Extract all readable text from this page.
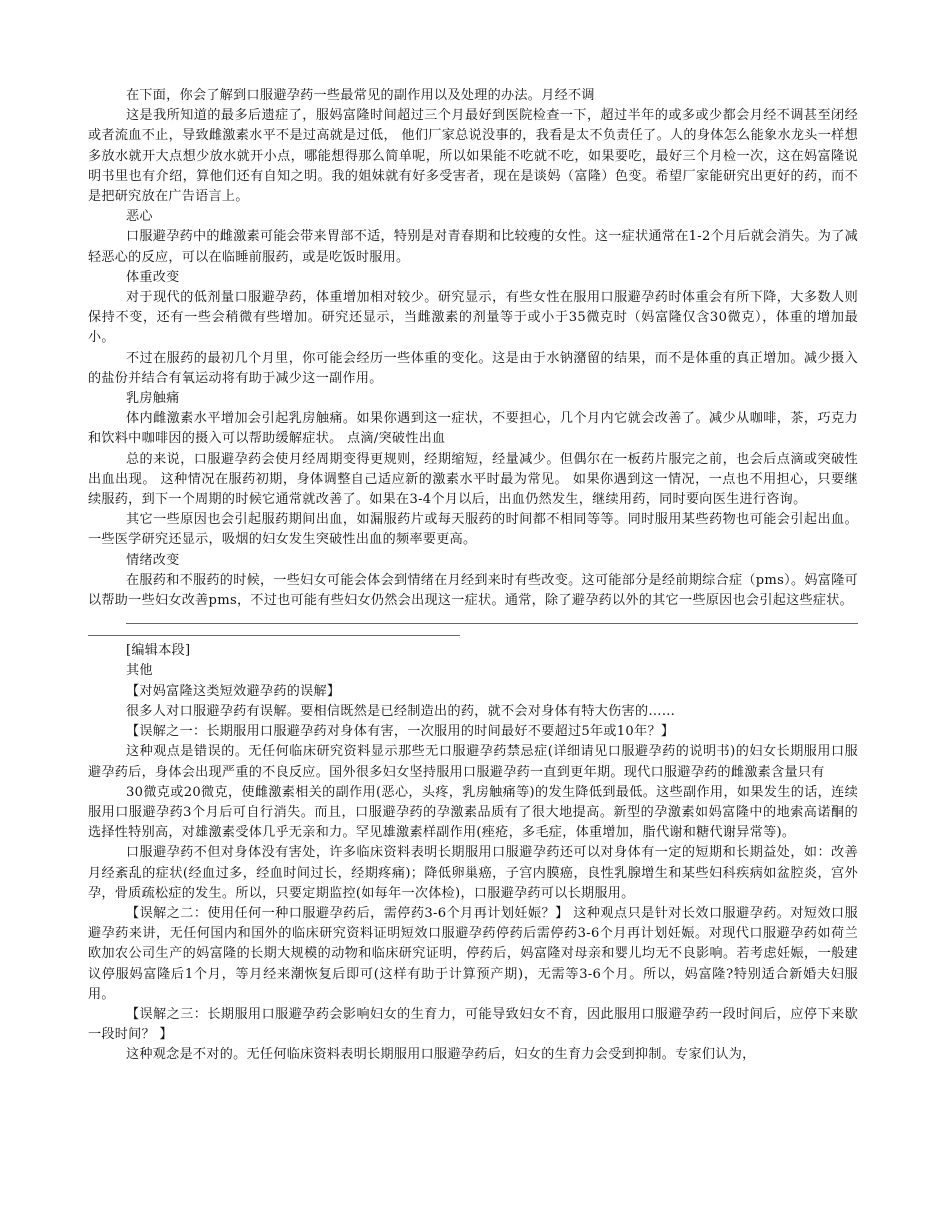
在下面，你会了解到口服避孕药一些最常见的副作用以及处理的办法。月经不调

这是我所知道的最多后遗症了，服妈富隆时间超过三个月最好到医院检查一下，超过半年的或多或少都会月经不调甚至闭经或者流血不止，导致雌激素水平不是过高就是过低， 他们厂家总说没事的，我看是太不负责任了。人的身体怎么能象水龙头一样想多放水就开大点想少放水就开小点，哪能想得那么简单呢，所以如果能不吃就不吃，如果要吃，最好三个月检一次，这在妈富隆说明书里也有介绍，算他们还有自知之明。我的姐妹就有好多受害者，现在是谈妈（富隆）色变。希望厂家能研究出更好的药，而不是把研究放在广告语言上。

恶心

口服避孕药中的雌激素可能会带来胃部不适，特别是对青春期和比较瘦的女性。这一症状通常在1-2个月后就会消失。为了减轻恶心的反应，可以在临睡前服药，或是吃饭时服用。

体重改变

对于现代的低剂量口服避孕药，体重增加相对较少。研究显示，有些女性在服用口服避孕药时体重会有所下降，大多数人则保持不变，还有一些会稍微有些增加。研究还显示，当雌激素的剂量等于或小于35微克时（妈富隆仅含30微克），体重的增加最小。

不过在服药的最初几个月里，你可能会经历一些体重的变化。这是由于水钠潴留的结果，而不是体重的真正增加。减少摄入的盐份并结合有氧运动将有助于减少这一副作用。

乳房触痛

体内雌激素水平增加会引起乳房触痛。如果你遇到这一症状，不要担心，几个月内它就会改善了。减少从咖啡，茶，巧克力和饮料中咖啡因的摄入可以帮助缓解症状。 点滴/突破性出血

总的来说，口服避孕药会使月经周期变得更规则，经期缩短，经量减少。但偶尔在一板药片服完之前，也会后点滴或突破性出血出现。 这种情况在服药初期，身体调整自己适应新的激素水平时最为常见。 如果你遇到这一情况，一点也不用担心，只要继续服药，到下一个周期的时候它通常就改善了。如果在3-4个月以后，出血仍然发生，继续用药，同时要向医生进行咨询。

其它一些原因也会引起服药期间出血，如漏服药片或每天服药的时间都不相同等等。同时服用某些药物也可能会引起出血。一些医学研究还显示，吸烟的妇女发生突破性出血的频率要更高。

情绪改变

在服药和不服药的时候，一些妇女可能会体会到情绪在月经到来时有些改变。这可能部分是经前期综合症（pms）。妈富隆可以帮助一些妇女改善pms，不过也可能有些妇女仍然会出现这一症状。通常，除了避孕药以外的其它一些原因也会引起这些症状。

[编辑本段]

其他

【对妈富隆这类短效避孕药的误解】

很多人对口服避孕药有误解。要相信既然是已经制造出的药，就不会对身体有特大伤害的……

【误解之一：长期服用口服避孕药对身体有害，一次服用的时间最好不要超过5年或10年？】

这种观点是错误的。无任何临床研究资料显示那些无口服避孕药禁忌症(详细请见口服避孕药的说明书)的妇女长期服用口服避孕药后，身体会出现严重的不良反应。国外很多妇女坚持服用口服避孕药一直到更年期。现代口服避孕药的雌激素含量只有

30微克或20微克，使雌激素相关的副作用(恶心，头疼，乳房触痛等)的发生降低到最低。这些副作用，如果发生的话，连续服用口服避孕药3个月后可自行消失。而且，口服避孕药的孕激素品质有了很大地提高。新型的孕激素如妈富隆中的地索高诺酮的选择性特别高，对雄激素受体几乎无亲和力。罕见雄激素样副作用(痤疮，多毛症，体重增加，脂代谢和糖代谢异常等)。

口服避孕药不但对身体没有害处，许多临床资料表明长期服用口服避孕药还可以对身体有一定的短期和长期益处，如：改善月经紊乱的症状(经血过多，经血时间过长，经期疼痛)；降低卵巢癌，子宫内膜癌，良性乳腺增生和某些妇科疾病如盆腔炎，宫外孕，骨质疏松症的发生。所以，只要定期监控(如每年一次体检)，口服避孕药可以长期服用。

【误解之二：使用任何一种口服避孕药后，需停药3-6个月再计划妊娠？】 这种观点只是针对长效口服避孕药。对短效口服避孕药来讲，无任何国内和国外的临床研究资料证明短效口服避孕药停药后需停药3-6个月再计划妊娠。对现代口服避孕药如荷兰欧加农公司生产的妈富隆的长期大规模的动物和临床研究证明，停药后，妈富隆对母亲和婴儿均无不良影响。若考虑妊娠，一般建议停服妈富隆后1个月，等月经来潮恢复后即可(这样有助于计算预产期)，无需等3-6个月。所以，妈富隆?特别适合新婚夫妇服用。

【误解之三：长期服用口服避孕药会影响妇女的生育力，可能导致妇女不育，因此服用口服避孕药一段时间后，应停下来歇一段时间？ 】

这种观念是不对的。无任何临床资料表明长期服用口服避孕药后，妇女的生育力会受到抑制。专家们认为，
